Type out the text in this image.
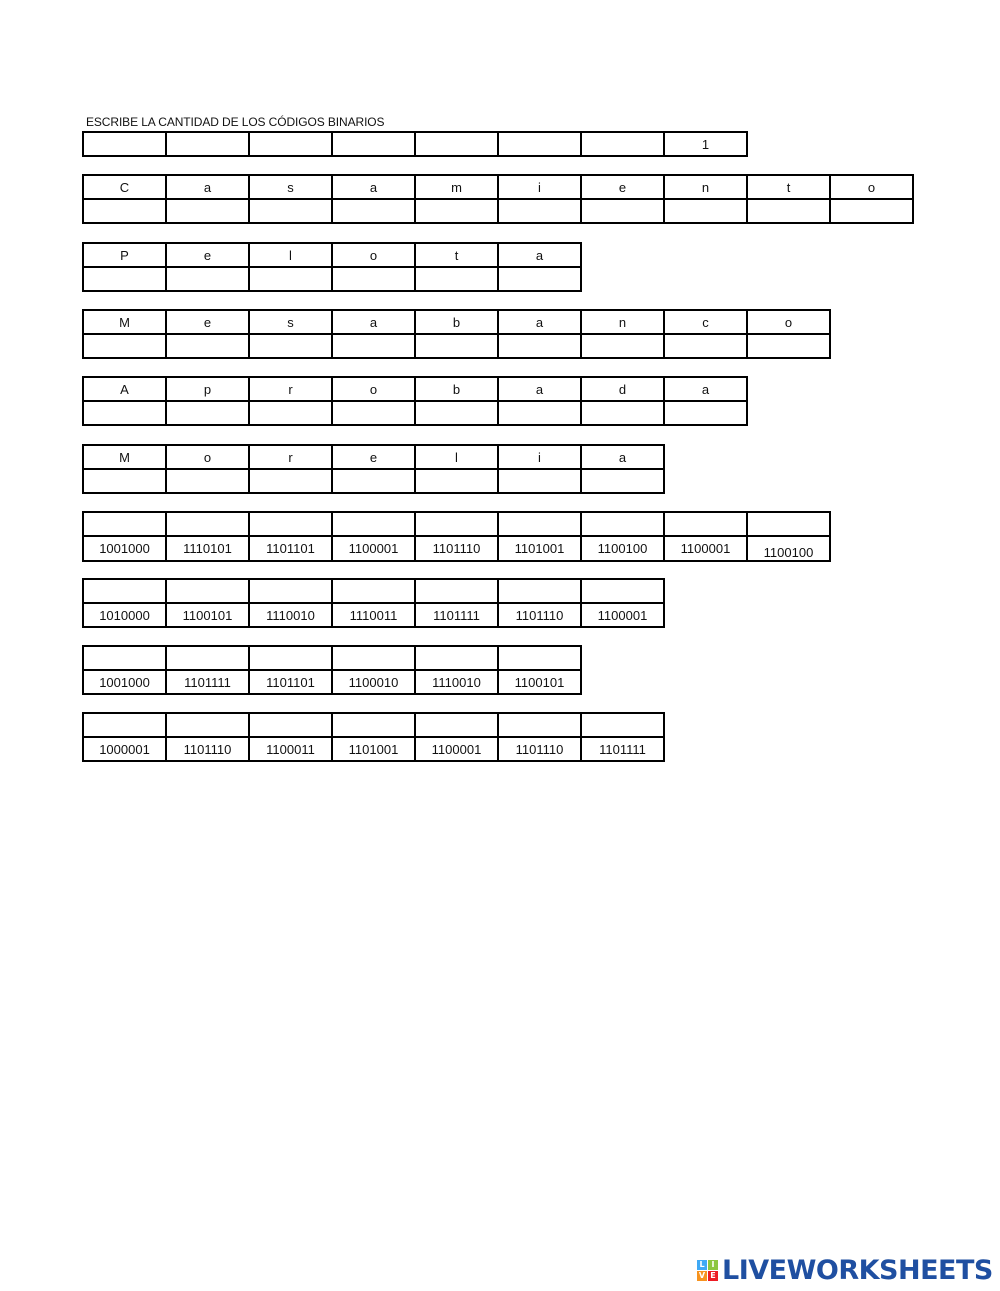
ESCRIBE LA CANTIDAD DE LOS CÓDIGOS BINARIOS
							1
C	a	s	a	m	i	e	n	t	o

P	e	l	o	t	a

M	e	s	a	b	a	n	c	o

A	p	r	o	b	a	d	a

M	o	r	e	l	i	a

1001000	1110101	1101101	1100001	1101110	1101001	1100100	1100001	1100100

1010000	1100101	1110010	1110011	1101111	1101110	1100001

1001000	1101111	1101101	1100010	1110010	1100101

1000001	1101110	1100011	1101001	1100001	1101110	1101111
L I
V E LIVEWORKSHEETS
